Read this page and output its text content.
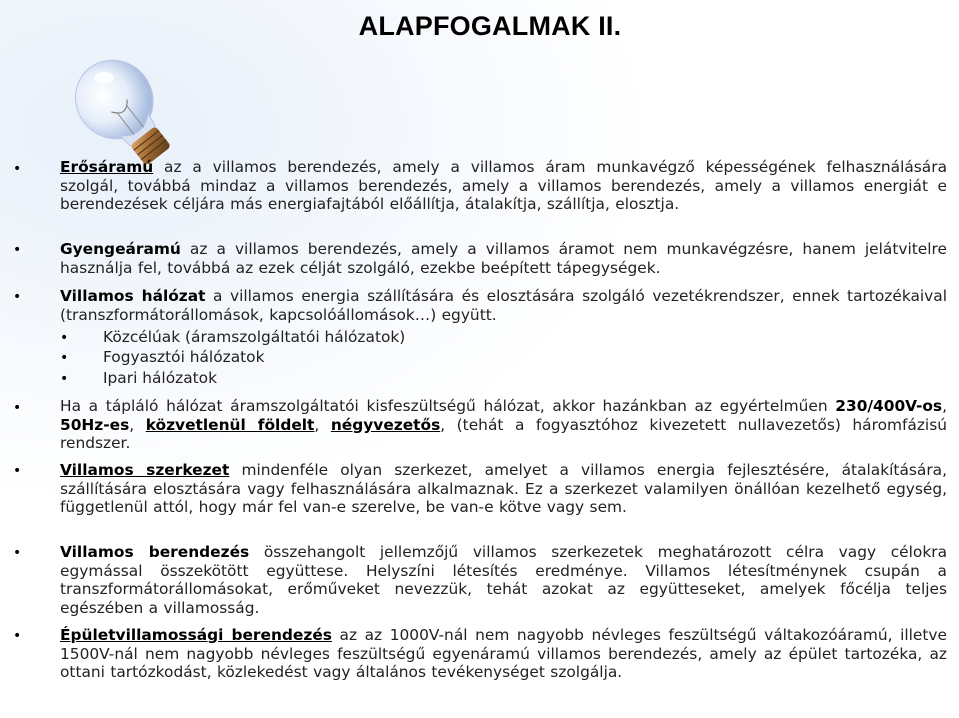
ALAPFOGALMAK II.
•	Erősáramú az a villamos berendezés, amely a villamos áram munkavégző képességének felhasználására szolgál, továbbá mindaz a villamos berendezés, amely a villamos berendezés, amely a villamos energiát e berendezések céljára más energiafajtából előállítja, átalakítja, szállítja, elosztja.
•	Gyengeáramú az a villamos berendezés, amely a villamos áramot nem munkavégzésre, hanem jelátvitelre használja fel, továbbá az ezek célját szolgáló, ezekbe beépített tápegységek.
•	Villamos hálózat a villamos energia szállítására és elosztására szolgáló vezetékrendszer, ennek tartozékaival (transzformátorállomások, kapcsolóállomások…) együtt.
• Közcélúak (áramszolgáltatói hálózatok)
• Fogyasztói hálózatok
• Ipari hálózatok
•	Ha a tápláló hálózat áramszolgáltatói kisfeszültségű hálózat, akkor hazánkban az egyértelműen 230/400V-os, 50Hz-es, közvetlenül földelt, négyvezetős, (tehát a fogyasztóhoz kivezetett nullavezetős) háromfázisú rendszer.
•	Villamos szerkezet mindenféle olyan szerkezet, amelyet a villamos energia fejlesztésére, átalakítására, szállítására elosztására vagy felhasználására alkalmaznak. Ez a szerkezet valamilyen önállóan kezelhető egység, függetlenül attól, hogy már fel van-e szerelve, be van-e kötve vagy sem.
•	Villamos berendezés összehangolt jellemzőjű villamos szerkezetek meghatározott célra vagy célokra egymással összekötött együttese. Helyszíni létesítés eredménye. Villamos létesítménynek csupán a transzformátorállomásokat, erőműveket nevezzük, tehát azokat az együtteseket, amelyek főcélja teljes egészében a villamosság.
•	Épületvillamossági berendezés az az 1000V-nál nem nagyobb névleges feszültségű váltakozóáramú, illetve 1500V-nál nem nagyobb névleges feszültségű egyenáramú villamos berendezés, amely az épület tartozéka, az ottani tartózkodást, közlekedést vagy általános tevékenységet szolgálja.
